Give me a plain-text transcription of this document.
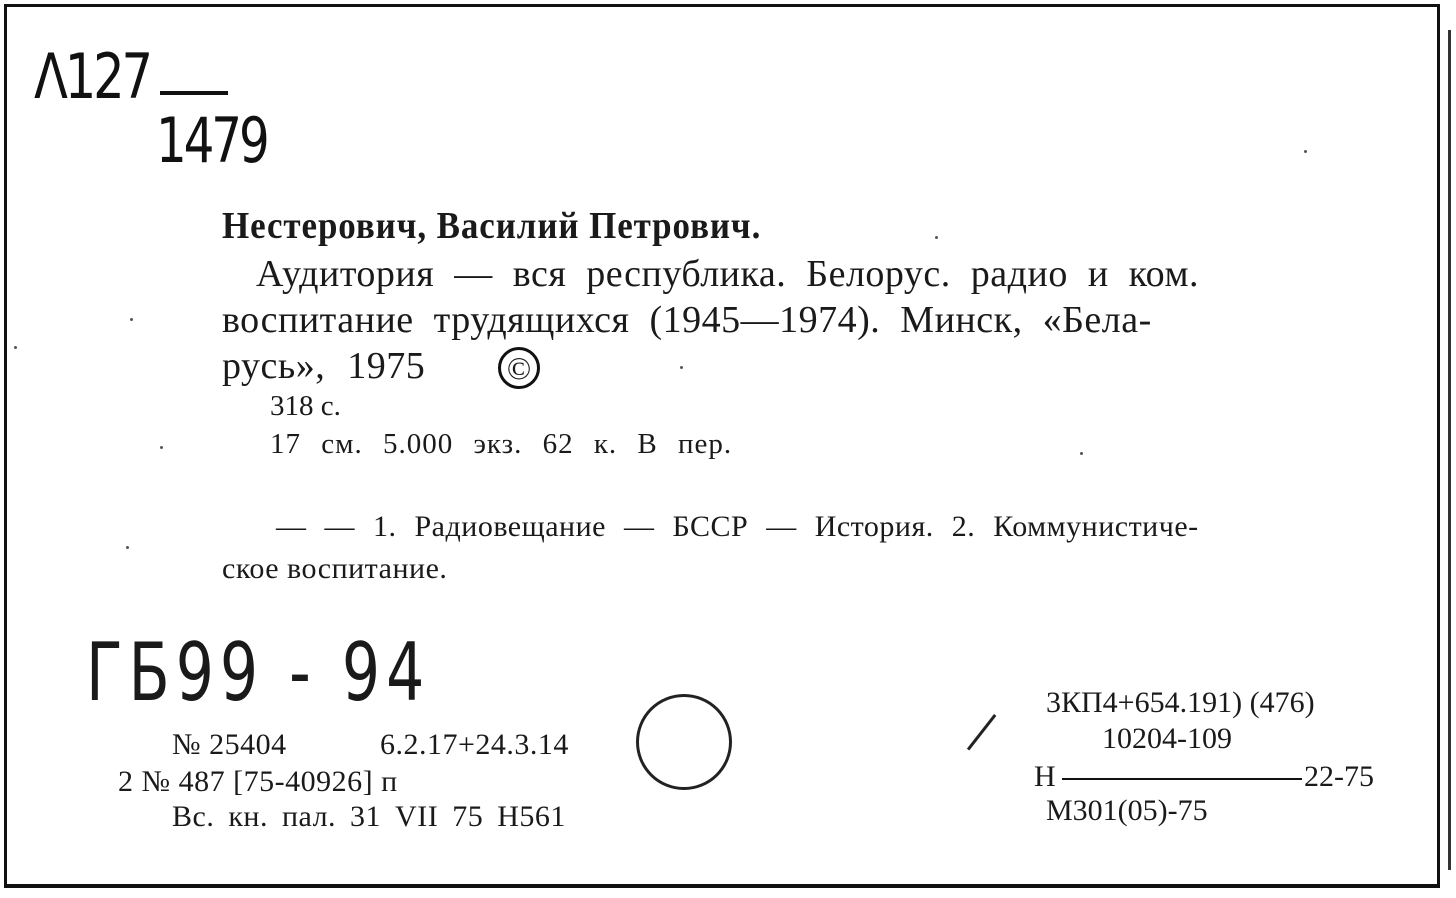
Λ127
1479
Нестерович, Василий Петрович.
Аудитория — вся республика. Белорус. радио и ком.
воспитание трудящихся (1945—1974). Минск, «Бела-
русь», 1975	©
318 с.
17 см. 5.000 экз. 62 к. В пер.
— — 1. Радиовещание — БССР — История. 2. Коммунистиче-
ское воспитание.
ГБ99 - 94
№ 25404	6.2.17+24.3.14
2 № 487 [75-40926] п
Вс. кн. пал. 31 VII 75 Н561
3КП4+654.191) (476)
10204-109
Н	22-75
М301(05)-75
